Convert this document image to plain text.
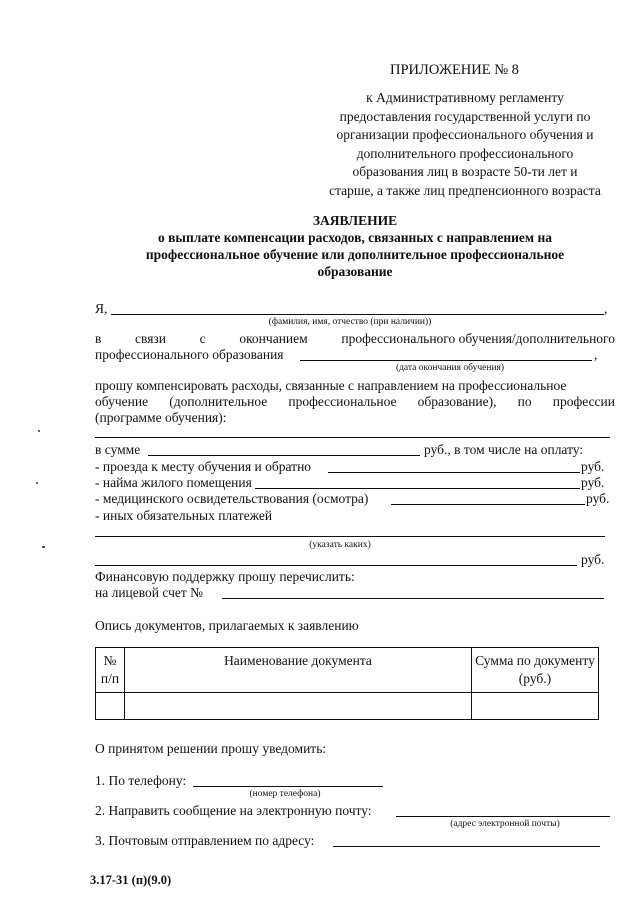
ПРИЛОЖЕНИЕ № 8
к Административному регламенту
предоставления государственной услуги по
организации профессионального обучения и
дополнительного профессионального
образования лиц в возрасте 50-ти лет и
старше, а также лиц предпенсионного возраста
ЗАЯВЛЕНИЕ
о выплате компенсации расходов, связанных с направлением на
профессиональное обучение или дополнительное профессиональное
образование
Я,	,
(фамилия, имя, отчество (при наличии))
в связи с окончанием профессионального обучения/дополнительного
профессионального образования	,
(дата окончания обучения)
прошу компенсировать расходы, связанные с направлением на профессиональное
обучение (дополнительное профессиональное образование), по профессии
(программе обучения):
в сумме	руб., в том числе на оплату:
- проезда к месту обучения и обратно	руб.
- найма жилого помещения	руб.
- медицинского освидетельствования (осмотра)	руб.
- иных обязательных платежей
(указать каких)
руб.
Финансовую поддержку прошу перечислить:
на лицевой счет №
Опись документов, прилагаемых к заявлению
№ п/п	Наименование документа	Сумма по документу (руб.)

О принятом решении прошу уведомить:
1. По телефону:
(номер телефона)
2. Направить сообщение на электронную почту:
(адрес электронной почты)
3. Почтовым отправлением по адресу:
3.17-31 (п)(9.0)
